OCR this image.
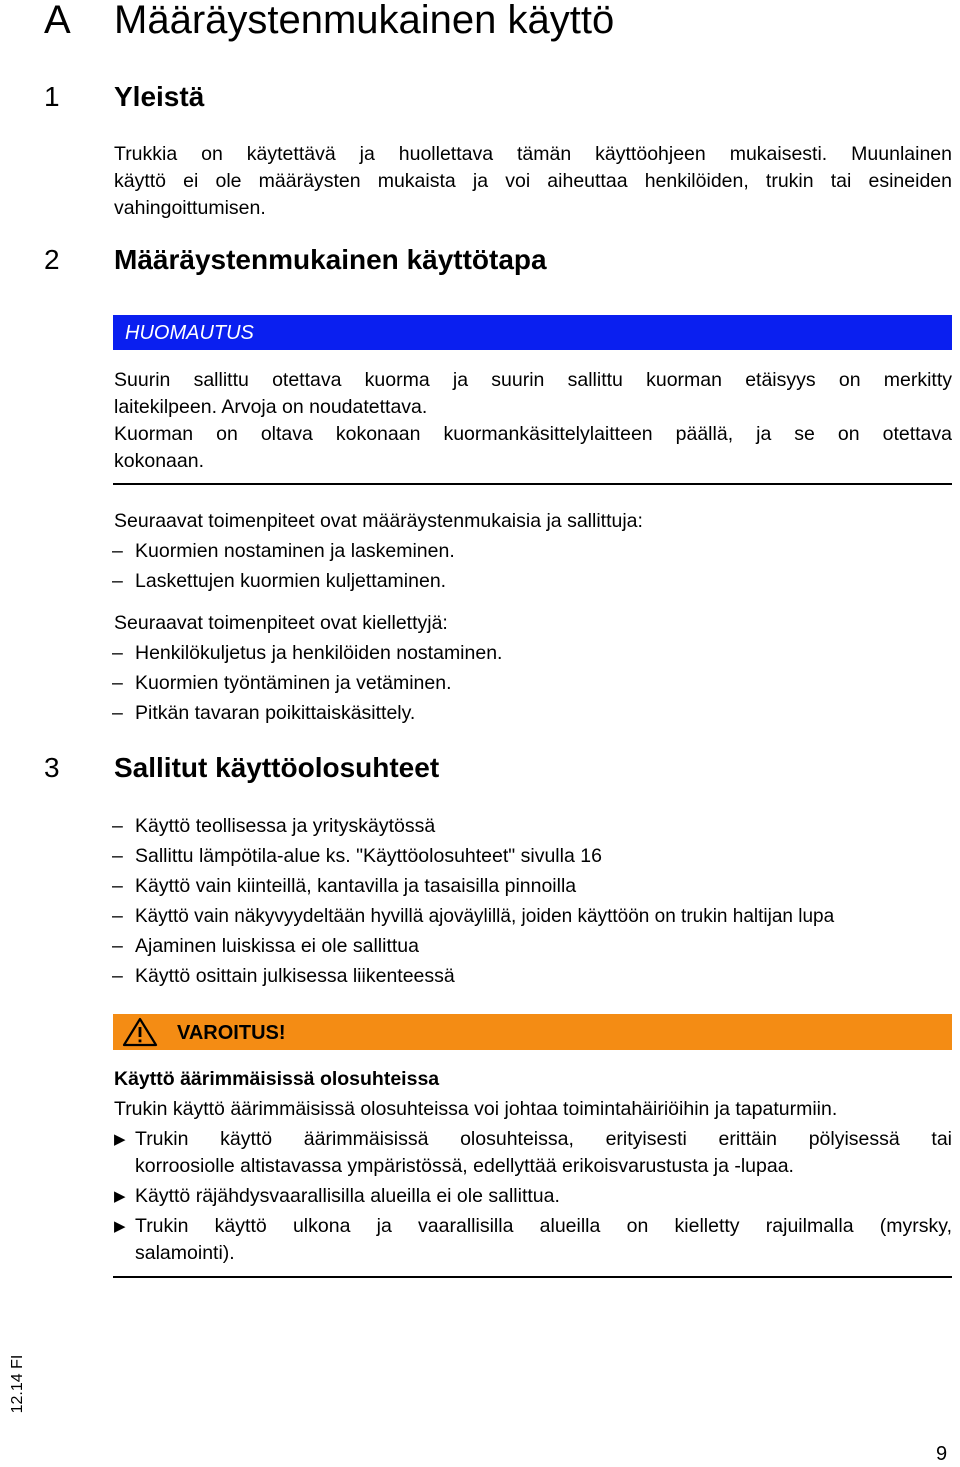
A Määräystenmukainen käyttö
1 Yleistä
Trukkia on käytettävä ja huollettava tämän käyttöohjeen mukaisesti. Muunlainen
käyttö ei ole määräysten mukaista ja voi aiheuttaa henkilöiden, trukin tai esineiden
vahingoittumisen.
2 Määräystenmukainen käyttötapa
HUOMAUTUS
Suurin sallittu otettava kuorma ja suurin sallittu kuorman etäisyys on merkitty
laitekilpeen. Arvoja on noudatettava.
Kuorman on oltava kokonaan kuormankäsittelylaitteen päällä, ja se on otettava
kokonaan.
Seuraavat toimenpiteet ovat määräystenmukaisia ja sallittuja:
– Kuormien nostaminen ja laskeminen.
– Laskettujen kuormien kuljettaminen.
Seuraavat toimenpiteet ovat kiellettyjä:
– Henkilökuljetus ja henkilöiden nostaminen.
– Kuormien työntäminen ja vetäminen.
– Pitkän tavaran poikittaiskäsittely.
3 Sallitut käyttöolosuhteet
– Käyttö teollisessa ja yrityskäytössä
– Sallittu lämpötila-alue ks. "Käyttöolosuhteet" sivulla 16
– Käyttö vain kiinteillä, kantavilla ja tasaisilla pinnoilla
– Käyttö vain näkyvyydeltään hyvillä ajoväylillä, joiden käyttöön on trukin haltijan lupa
– Ajaminen luiskissa ei ole sallittua
– Käyttö osittain julkisessa liikenteessä
VAROITUS!
Käyttö äärimmäisissä olosuhteissa
Trukin käyttö äärimmäisissä olosuhteissa voi johtaa toimintahäiriöihin ja tapaturmiin.
▶ Trukin käyttö äärimmäisissä olosuhteissa, erityisesti erittäin pölyisessä tai
korroosiolle altistavassa ympäristössä, edellyttää erikoisvarustusta ja -lupaa.
▶ Käyttö räjähdysvaarallisilla alueilla ei ole sallittua.
▶ Trukin käyttö ulkona ja vaarallisilla alueilla on kielletty rajuilmalla (myrsky,
salamointi).
12.14 FI
9
